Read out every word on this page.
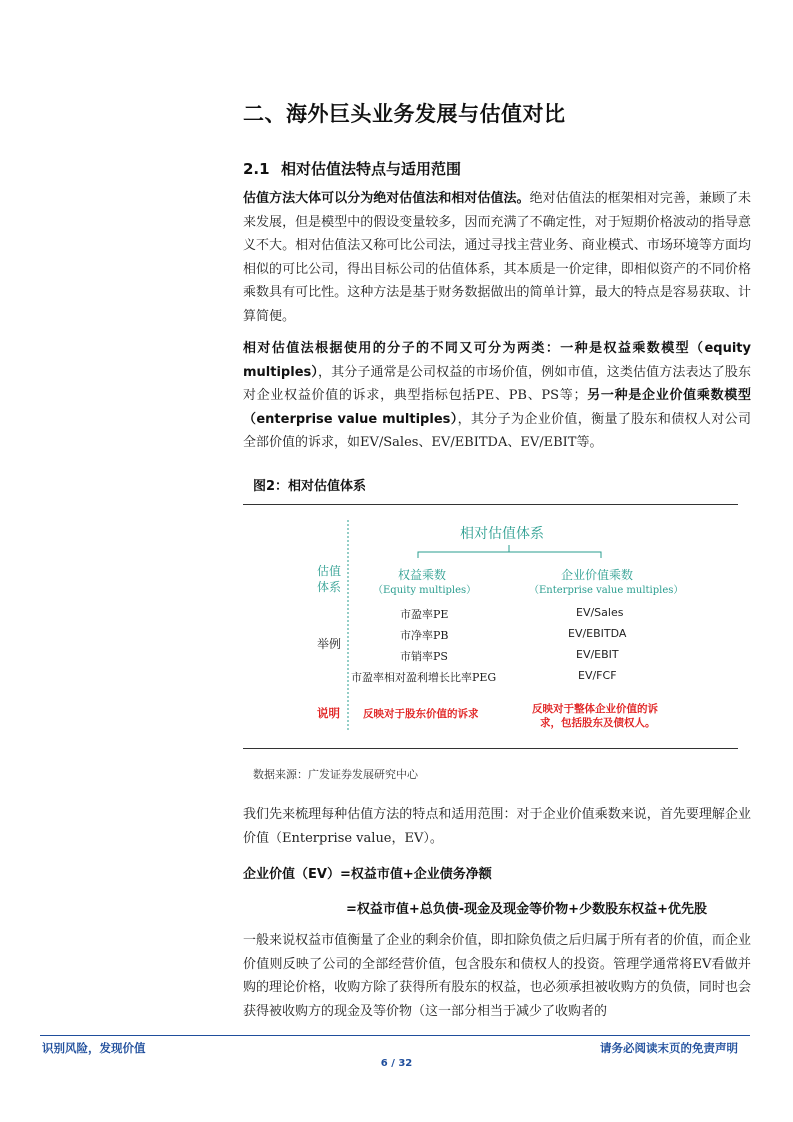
二、海外巨头业务发展与估值对比
2.1 相对估值法特点与适用范围
估值方法大体可以分为绝对估值法和相对估值法。绝对估值法的框架相对完善，兼顾了未来发展，但是模型中的假设变量较多，因而充满了不确定性，对于短期价格波动的指导意义不大。相对估值法又称可比公司法，通过寻找主营业务、商业模式、市场环境等方面均相似的可比公司，得出目标公司的估值体系，其本质是一价定律，即相似资产的不同价格乘数具有可比性。这种方法是基于财务数据做出的简单计算，最大的特点是容易获取、计算简便。
相对估值法根据使用的分子的不同又可分为两类：一种是权益乘数模型（equity multiples），其分子通常是公司权益的市场价值，例如市值，这类估值方法表达了股东对企业权益价值的诉求，典型指标包括PE、PB、PS等；另一种是企业价值乘数模型（enterprise value multiples），其分子为企业价值，衡量了股东和债权人对公司全部价值的诉求，如EV/Sales、EV/EBITDA、EV/EBIT等。
图2：相对估值体系
相对估值体系
估值
体系
权益乘数
（Equity multiples）
企业价值乘数
（Enterprise value multiples）
举例
市盈率PE
市净率PB
市销率PS
市盈率相对盈利增长比率PEG
EV/Sales
EV/EBITDA
EV/EBIT
EV/FCF
说明 反映对于股东价值的诉求	反映对于整体企业价值的诉
求，包括股东及债权人。
数据来源：广发证券发展研究中心
我们先来梳理每种估值方法的特点和适用范围：对于企业价值乘数来说，首先要理解企业价值（Enterprise value，EV）。
企业价值（EV）=权益市值+企业债务净额
=权益市值+总负债-现金及现金等价物+少数股东权益+优先股
一般来说权益市值衡量了企业的剩余价值，即扣除负债之后归属于所有者的价值，而企业价值则反映了公司的全部经营价值，包含股东和债权人的投资。管理学通常将EV看做并购的理论价格，收购方除了获得所有股东的权益，也必须承担被收购方的负债，同时也会获得被收购方的现金及等价物（这一部分相当于减少了收购者的
识别风险，发现价值	请务必阅读末页的免责声明
6 / 32
